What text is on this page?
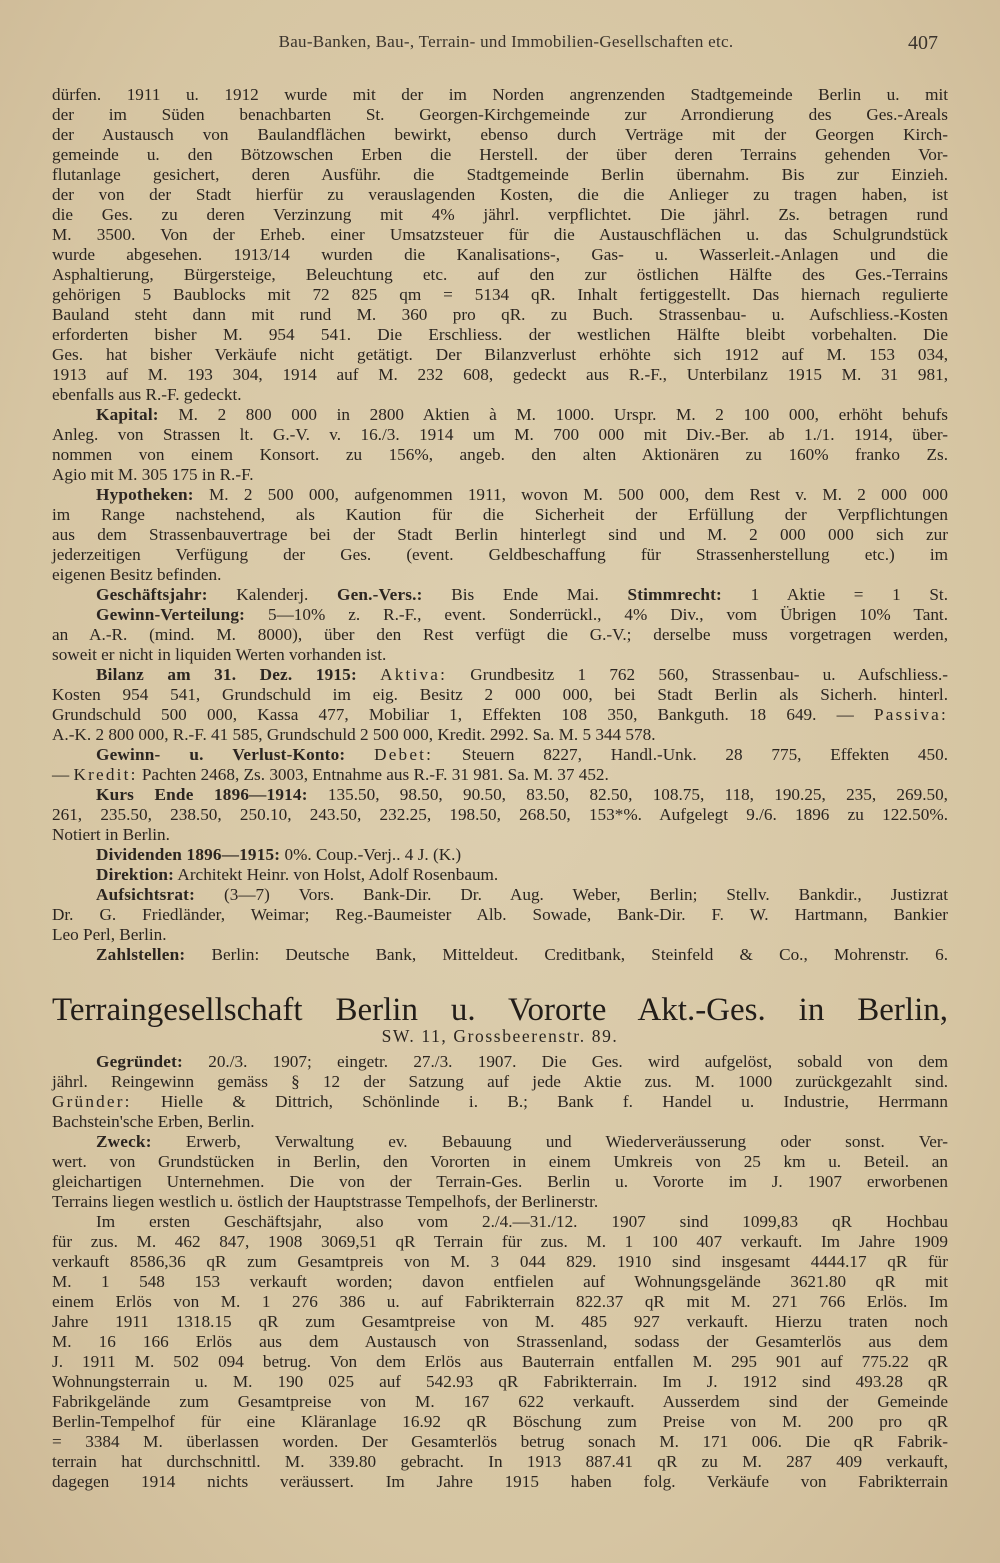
Bau-Banken, Bau-, Terrain- und Immobilien-Gesellschaften etc.	407
dürfen. 1911 u. 1912 wurde mit der im Norden angrenzenden Stadtgemeinde Berlin u. mit
der im Süden benachbarten St. Georgen-Kirchgemeinde zur Arrondierung des Ges.-Areals
der Austausch von Baulandflächen bewirkt, ebenso durch Verträge mit der Georgen Kirch-
gemeinde u. den Bötzowschen Erben die Herstell. der über deren Terrains gehenden Vor-
flutanlage gesichert, deren Ausführ. die Stadtgemeinde Berlin übernahm. Bis zur Einzieh.
der von der Stadt hierfür zu verauslagenden Kosten, die die Anlieger zu tragen haben, ist
die Ges. zu deren Verzinzung mit 4% jährl. verpflichtet. Die jährl. Zs. betragen rund
M. 3500. Von der Erheb. einer Umsatzsteuer für die Austauschflächen u. das Schulgrundstück
wurde abgesehen. 1913/14 wurden die Kanalisations-, Gas- u. Wasserleit.-Anlagen und die
Asphaltierung, Bürgersteige, Beleuchtung etc. auf den zur östlichen Hälfte des Ges.-Terrains
gehörigen 5 Baublocks mit 72 825 qm = 5134 qR. Inhalt fertiggestellt. Das hiernach regulierte
Bauland steht dann mit rund M. 360 pro qR. zu Buch. Strassenbau- u. Aufschliess.-Kosten
erforderten bisher M. 954 541. Die Erschliess. der westlichen Hälfte bleibt vorbehalten. Die
Ges. hat bisher Verkäufe nicht getätigt. Der Bilanzverlust erhöhte sich 1912 auf M. 153 034,
1913 auf M. 193 304, 1914 auf M. 232 608, gedeckt aus R.-F., Unterbilanz 1915 M. 31 981,
ebenfalls aus R.-F. gedeckt.
Kapital: M. 2 800 000 in 2800 Aktien à M. 1000. Urspr. M. 2 100 000, erhöht behufs
Anleg. von Strassen lt. G.-V. v. 16./3. 1914 um M. 700 000 mit Div.-Ber. ab 1./1. 1914, über-
nommen von einem Konsort. zu 156%, angeb. den alten Aktionären zu 160% franko Zs.
Agio mit M. 305 175 in R.-F.
Hypotheken: M. 2 500 000, aufgenommen 1911, wovon M. 500 000, dem Rest v. M. 2 000 000
im Range nachstehend, als Kaution für die Sicherheit der Erfüllung der Verpflichtungen
aus dem Strassenbauvertrage bei der Stadt Berlin hinterlegt sind und M. 2 000 000 sich zur
jederzeitigen Verfügung der Ges. (event. Geldbeschaffung für Strassenherstellung etc.) im
eigenen Besitz befinden.
Geschäftsjahr: Kalenderj. Gen.-Vers.: Bis Ende Mai. Stimmrecht: 1 Aktie = 1 St.
Gewinn-Verteilung: 5—10% z. R.-F., event. Sonderrückl., 4% Div., vom Übrigen 10% Tant.
an A.-R. (mind. M. 8000), über den Rest verfügt die G.-V.; derselbe muss vorgetragen werden,
soweit er nicht in liquiden Werten vorhanden ist.
Bilanz am 31. Dez. 1915: Aktiva: Grundbesitz 1 762 560, Strassenbau- u. Aufschliess.-
Kosten 954 541, Grundschuld im eig. Besitz 2 000 000, bei Stadt Berlin als Sicherh. hinterl.
Grundschuld 500 000, Kassa 477, Mobiliar 1, Effekten 108 350, Bankguth. 18 649. — Passiva:
A.-K. 2 800 000, R.-F. 41 585, Grundschuld 2 500 000, Kredit. 2992. Sa. M. 5 344 578.
Gewinn- u. Verlust-Konto: Debet: Steuern 8227, Handl.-Unk. 28 775, Effekten 450.
— Kredit: Pachten 2468, Zs. 3003, Entnahme aus R.-F. 31 981. Sa. M. 37 452.
Kurs Ende 1896—1914: 135.50, 98.50, 90.50, 83.50, 82.50, 108.75, 118, 190.25, 235, 269.50,
261, 235.50, 238.50, 250.10, 243.50, 232.25, 198.50, 268.50, 153*%. Aufgelegt 9./6. 1896 zu 122.50%.
Notiert in Berlin.
Dividenden 1896—1915: 0%. Coup.-Verj.. 4 J. (K.)
Direktion: Architekt Heinr. von Holst, Adolf Rosenbaum.
Aufsichtsrat: (3—7) Vors. Bank-Dir. Dr. Aug. Weber, Berlin; Stellv. Bankdir., Justizrat
Dr. G. Friedländer, Weimar; Reg.-Baumeister Alb. Sowade, Bank-Dir. F. W. Hartmann, Bankier
Leo Perl, Berlin.
Zahlstellen: Berlin: Deutsche Bank, Mitteldeut. Creditbank, Steinfeld & Co., Mohrenstr. 6.
Terraingesellschaft Berlin u. Vororte Akt.-Ges. in Berlin,
SW. 11, Grossbeerenstr. 89.
Gegründet: 20./3. 1907; eingetr. 27./3. 1907. Die Ges. wird aufgelöst, sobald von dem
jährl. Reingewinn gemäss § 12 der Satzung auf jede Aktie zus. M. 1000 zurückgezahlt sind.
Gründer: Hielle & Dittrich, Schönlinde i. B.; Bank f. Handel u. Industrie, Herrmann
Bachstein'sche Erben, Berlin.
Zweck: Erwerb, Verwaltung ev. Bebauung und Wiederveräusserung oder sonst. Ver-
wert. von Grundstücken in Berlin, den Vororten in einem Umkreis von 25 km u. Beteil. an
gleichartigen Unternehmen. Die von der Terrain-Ges. Berlin u. Vororte im J. 1907 erworbenen
Terrains liegen westlich u. östlich der Hauptstrasse Tempelhofs, der Berlinerstr.
Im ersten Geschäftsjahr, also vom 2./4.—31./12. 1907 sind 1099,83 qR Hochbau
für zus. M. 462 847, 1908 3069,51 qR Terrain für zus. M. 1 100 407 verkauft. Im Jahre 1909
verkauft 8586,36 qR zum Gesamtpreis von M. 3 044 829. 1910 sind insgesamt 4444.17 qR für
M. 1 548 153 verkauft worden; davon entfielen auf Wohnungsgelände 3621.80 qR mit
einem Erlös von M. 1 276 386 u. auf Fabrikterrain 822.37 qR mit M. 271 766 Erlös. Im
Jahre 1911 1318.15 qR zum Gesamtpreise von M. 485 927 verkauft. Hierzu traten noch
M. 16 166 Erlös aus dem Austausch von Strassenland, sodass der Gesamterlös aus dem
J. 1911 M. 502 094 betrug. Von dem Erlös aus Bauterrain entfallen M. 295 901 auf 775.22 qR
Wohnungsterrain u. M. 190 025 auf 542.93 qR Fabrikterrain. Im J. 1912 sind 493.28 qR
Fabrikgelände zum Gesamtpreise von M. 167 622 verkauft. Ausserdem sind der Gemeinde
Berlin-Tempelhof für eine Kläranlage 16.92 qR Böschung zum Preise von M. 200 pro qR
= 3384 M. überlassen worden. Der Gesamterlös betrug sonach M. 171 006. Die qR Fabrik-
terrain hat durchschnittl. M. 339.80 gebracht. In 1913 887.41 qR zu M. 287 409 verkauft,
dagegen 1914 nichts veräussert. Im Jahre 1915 haben folg. Verkäufe von Fabrikterrain
